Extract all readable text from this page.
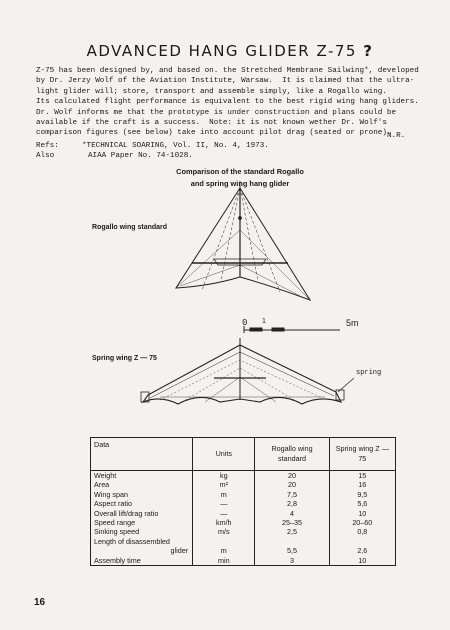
ADVANCED HANG GLIDER Z-75 ?
Z-75 has been designed by, and based on. the Stretched Membrane Sailwing*, developed
by Dr. Jerzy Wolf of the Aviation Institute, Warsaw.  It is claimed that the ultra-
light glider will; store, transport and assemble simply, like a Rogallo wing.
Its calculated flight performance is equivalent to the best rigid wing hang gliders.
Dr. Wolf informs me that the prototype is under construction and plans could be
available if the craft is a success.  Note: it is not known wether Dr. Wolf's
comparison figures (see below) take into account pilot drag (seated or prone).
N.R.
Refs:	*TECHNICAL SOARING, Vol. II, No. 4, 1973.
Also	AIAA Paper No. 74-1028.
Comparison of the standard Rogallo
and spring wing hang glider
Rogallo wing standard
Spring wing Z — 75
spring
0 1	5m
Data	Units	Rogallo wing standard	Spring wing Z — 75
Weight	kg	20	15
Area	m²	20	16
Wing span	m	7,5	9,5
Aspect ratio	—	2,8	5,6
Overall lift/drag ratio	—	4	10
Speed range	km/h	25–35	20–60
Sinking speed	m/s	2,5	0,8
Length of disassembled			
glider	m	5,5	2,6
Assembly time	min	3	10
16
